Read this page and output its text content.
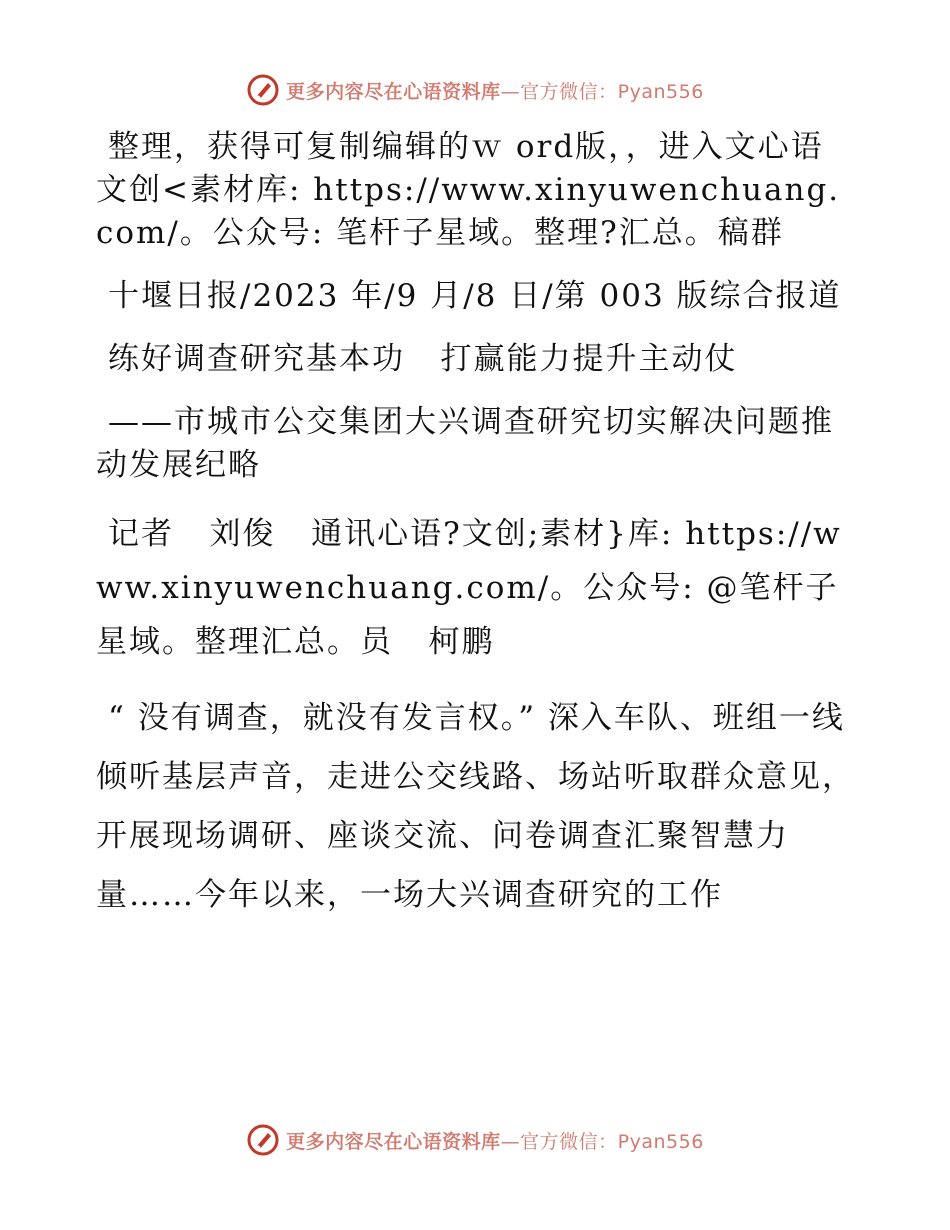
更多内容尽在心语资料库—官方微信：Pyan556

整理，获得可复制编辑的ｗ ord版，，进入文心语文创<素材库: https://www.xinyuwenchuang.com/。公众号: 笔杆子星域。整理?汇总。稿群

十堰日报/2023 年/9 月/8 日/第 003 版综合报道

练好调查研究基本功   打赢能力提升主动仗

——市城市公交集团大兴调查研究切实解决问题推动发展纪略

记者   刘俊   通讯心语?文创;素材}库: https://www.xinyuwenchuang.com/。公众号: @笔杆子星域。整理汇总。员   柯鹏

“ 没有调查，就没有发言权。” 深入车队、班组一线倾听基层声音，走进公交线路、场站听取群众意见，开展现场调研、座谈交流、问卷调查汇聚智慧力量……今年以来，一场大兴调查研究的工作

更多内容尽在心语资料库—官方微信：Pyan556
